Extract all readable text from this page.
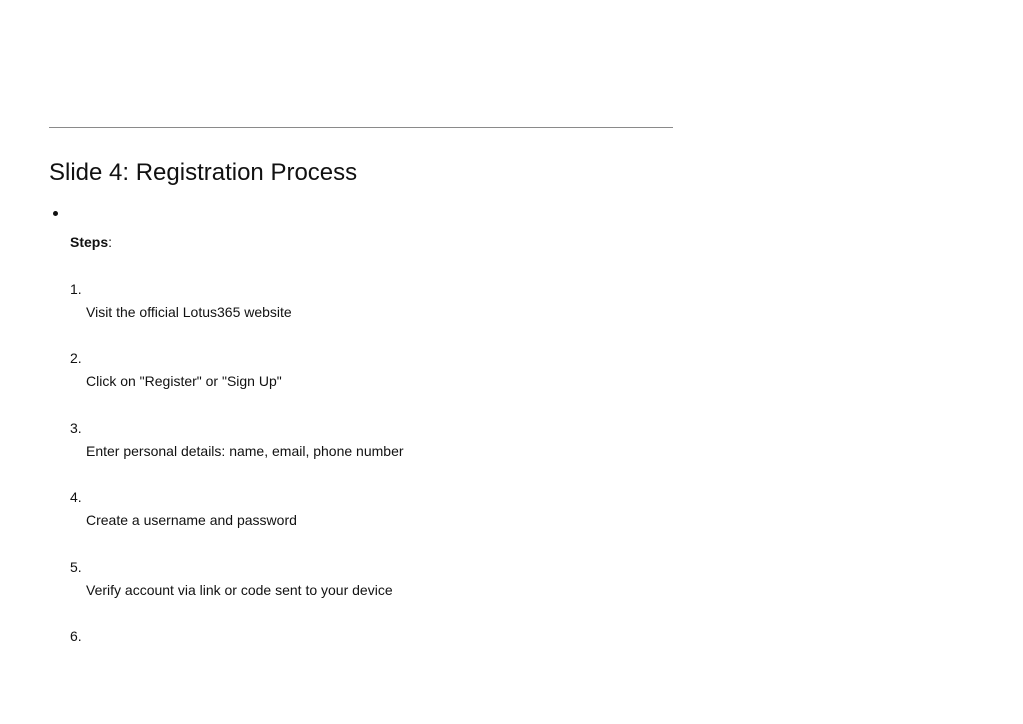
Slide 4: Registration Process
Steps:
1.
Visit the official Lotus365 website
2.
Click on "Register" or "Sign Up"
3.
Enter personal details: name, email, phone number
4.
Create a username and password
5.
Verify account via link or code sent to your device
6.
